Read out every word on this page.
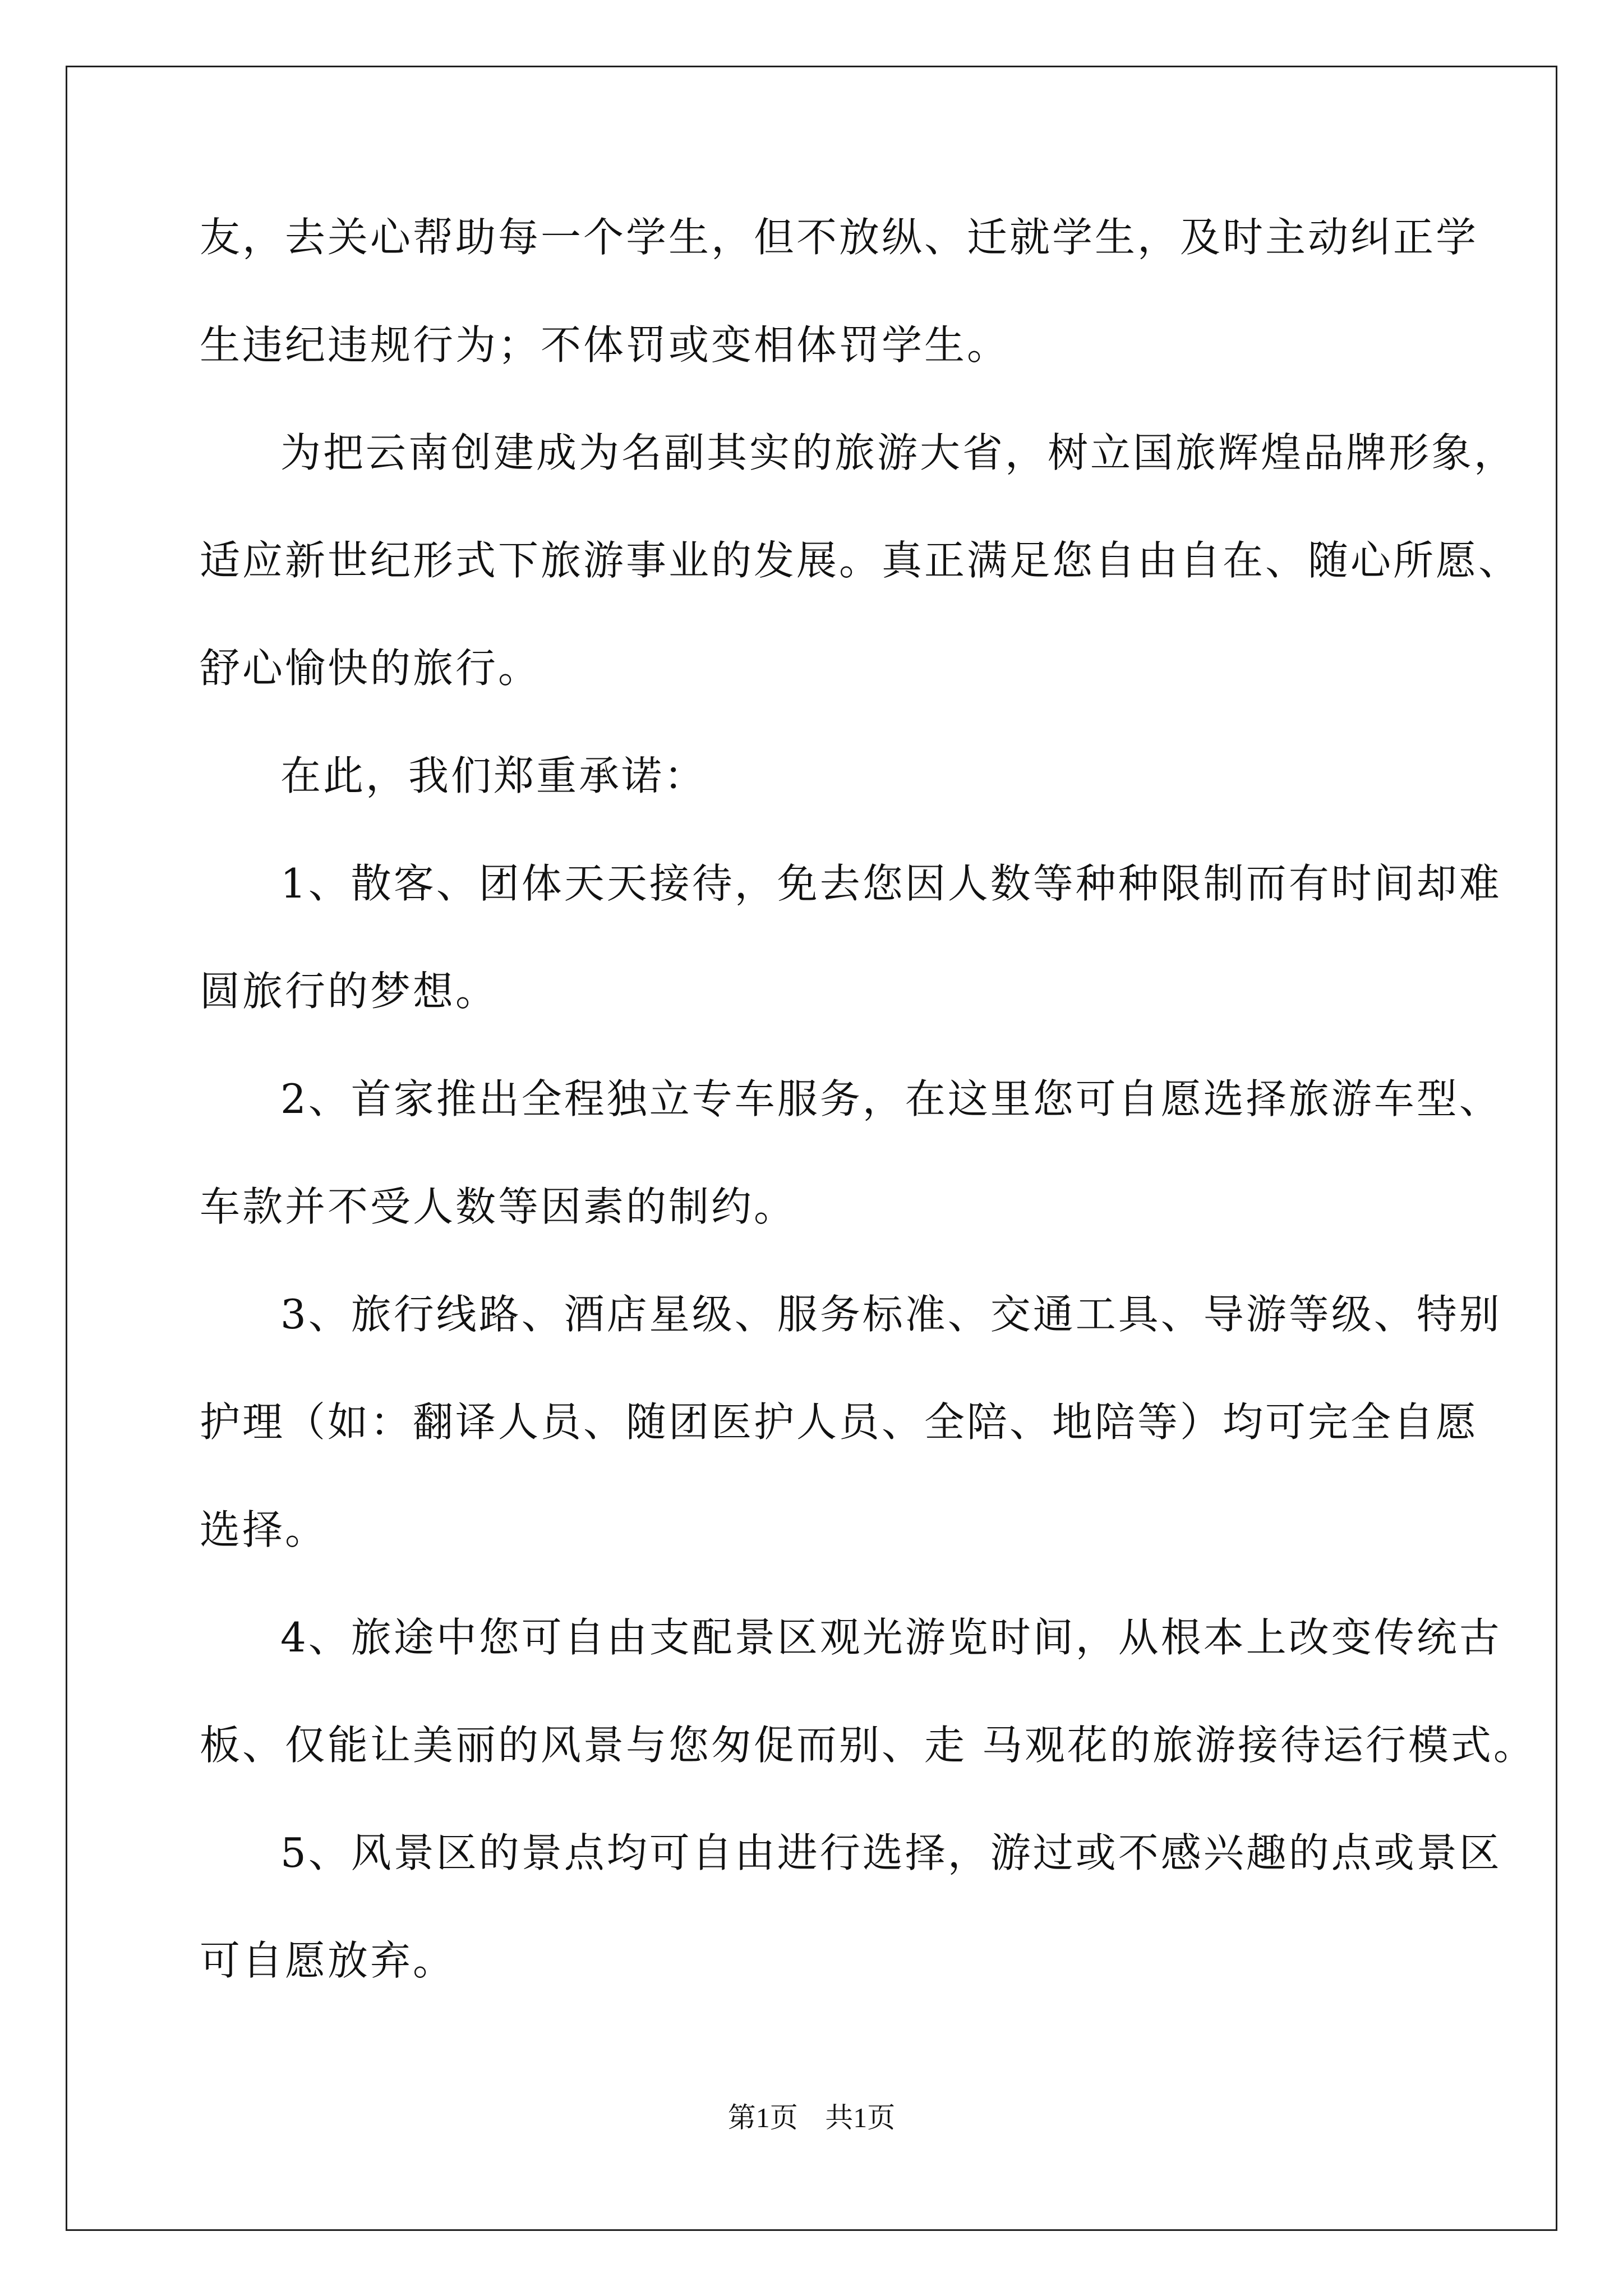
友，去关心帮助每一个学生，但不放纵、迁就学生，及时主动纠正学
生违纪违规行为；不体罚或变相体罚学生。
为把云南创建成为名副其实的旅游大省，树立国旅辉煌品牌形象，
适应新世纪形式下旅游事业的发展。真正满足您自由自在、随心所愿、
舒心愉快的旅行。
在此，我们郑重承诺：
1、散客、团体天天接待，免去您因人数等种种限制而有时间却难
圆旅行的梦想。
2、首家推出全程独立专车服务，在这里您可自愿选择旅游车型、
车款并不受人数等因素的制约。
3、旅行线路、酒店星级、服务标准、交通工具、导游等级、特别
护理（如：翻译人员、随团医护人员、全陪、地陪等）均可完全自愿
选择。
4、旅途中您可自由支配景区观光游览时间，从根本上改变传统古
板、仅能让美丽的风景与您匆促而别、走 马观花的旅游接待运行模式。
5、风景区的景点均可自由进行选择，游过或不感兴趣的点或景区
可自愿放弃。
第1页 共1页
